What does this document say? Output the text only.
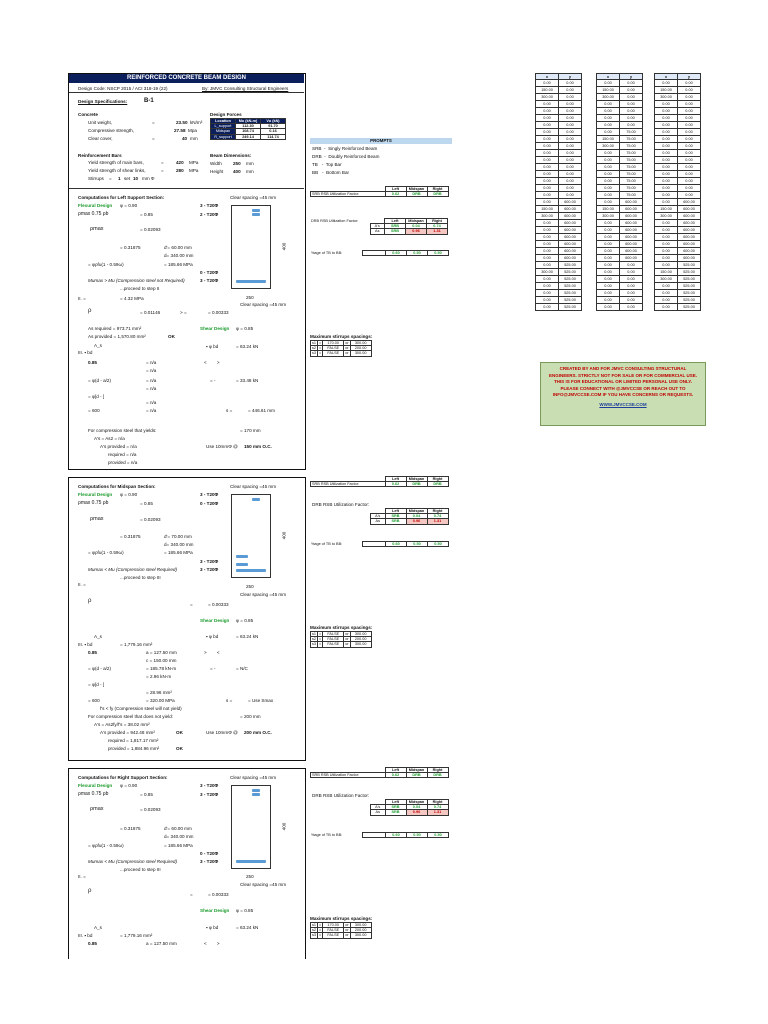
REINFORCED CONCRETE BEAM DESIGN
Design Code: NSCP 2015 / ACI 318-19 (22)	By: JMVC Consulting Structural Engineers
Design Specifications:	B-1
Concrete
Unit weight,	=	23.50 kN/m³
Compressive strength,	27.58 Mpa
Clear cover,	=	40 mm
Design Forces
Location	Mu (kN-m)	Vu (kN)
L_support	112.30	91.70
Midspan	108.74	0.16
R_support	249.14	114.74
Reinforcement Bars
Yield strength of main bars,	=	420 MPa
Yield strength of shear links,	=	280 MPa
Stirrups = 1 set 10 mm Φ
Beam Dimensions:
Width 250 mm
Height 400 mm
Computations for Left Support Section:	Clear spacing =45 mm
Flexural Design φ = 0.90	3 - T20Φ
ρmax 0.75 ρb	= 0.85	2 - T20Φ
ρmax	= 0.02093
= 0.31875	d'= 60.00 mm
d= 340.00 mm
= φρfu(1 - 0.59ω)	= 185.66 MPa
0 - T20Φ
Mumax > Mu (Compression steel not Required)	3 - T20Φ
...proceed to step II
400
250
Clear spacing =45 mm
II. =	= 4.32 MPa
ρ	= 0.01146	> =	= 0.00333
As required = 973.71 mm²
As provided = 1,570.80 mm²	OK
Shear Design φ = 0.85
A_s
III. ▪ bd
▪ φ bd	= 63.24 kN
0.85	= n/a	<        >
= n/a
= φ(d - a/2)	= n/a	= -	= 33.48 kN
= n/a
= φ[d - ]
= n/a
= 600	= n/a	s =	= 446.61 mm
For compression steel that yields:	= 170 mm
A's = As2 = n/a
A's provided = n/a	Use 10mmΦ @ 150 mm O.C.
required = n/a
provided = n/a
PROMPTS
SRB  -  Singly Reinforced Beam
DRB  -  Doubly Reinforced Beam
TB   -  Top Bar
BB   -  Bottom Bar
	Left	Midspan	Right
SRB RSB Utilization Factor:	0.62	DRB	DRB
DRB RSB Utilization Factor:		Left	Midspan	Right
	A's	SRB	0.04	0.74
	As	SRB	0.96	1.31
%age of TB to BB:		0.60	0.50	0.50
Maximum stirrups spacings:
s1	=	170.00	or	300.00
s2	=	FALSE	or	200.00
s3	=	FALSE	or	300.00
x	y
0.00	0.00
150.00	0.00
300.00	0.00
0.00	0.00
0.00	0.00
0.00	0.00
0.00	0.00
0.00	0.00
0.00	0.00
0.00	0.00
0.00	0.00
0.00	0.00
0.00	0.00
0.00	0.00
0.00	0.00
0.00	0.00
0.00	0.00
0.00	600.00
150.00	600.00
300.00	600.00
0.00	600.00
0.00	600.00
0.00	600.00
0.00	600.00
0.00	600.00
0.00	600.00
0.00	525.00
300.00	525.00
0.00	525.00
0.00	525.00
0.00	525.00
0.00	525.00
0.00	525.00
x	y
0.00	0.00
150.00	0.00
300.00	0.00
0.00	0.00
0.00	0.00
0.00	0.00
0.00	0.00
0.00	75.00
150.00	75.00
300.00	75.00
0.00	75.00
0.00	75.00
0.00	75.00
0.00	75.00
0.00	75.00
0.00	75.00
0.00	75.00
0.00	600.00
150.00	600.00
300.00	600.00
0.00	600.00
0.00	600.00
0.00	600.00
0.00	600.00
0.00	600.00
0.00	600.00
0.00	0.00
0.00	0.00
0.00	0.00
0.00	0.00
0.00	0.00
0.00	0.00
0.00	0.00
x	y
0.00	0.00
150.00	0.00
300.00	0.00
0.00	0.00
0.00	0.00
0.00	0.00
0.00	0.00
0.00	0.00
0.00	0.00
0.00	0.00
0.00	0.00
0.00	0.00
0.00	0.00
0.00	0.00
0.00	0.00
0.00	0.00
0.00	0.00
0.00	600.00
150.00	600.00
300.00	600.00
0.00	600.00
0.00	600.00
0.00	600.00
0.00	600.00
0.00	600.00
0.00	600.00
0.00	525.00
150.00	525.00
300.00	525.00
0.00	525.00
0.00	525.00
0.00	525.00
0.00	525.00
CREATED BY AND FOR JMVC CONSULTING STRUCTURAL ENGINEERS. STRICTLY NOT FOR SALE OR FOR COMMERCIAL USE. THIS IS FOR EDUCATIONAL OR LIMITED PERSONAL USE ONLY. PLEASE CONNECT WITH @JMVCCSE OR REACH OUT TO INFO@JMVCCSE.COM IF YOU HAVE CONCERNS OR REQUESTS.
WWW.JMVCCSE.COM
Computations for Midspan Section:	Clear spacing =45 mm
Flexural Design φ = 0.90	3 - T20Φ
ρmax 0.75 ρb	= 0.85	0 - T20Φ
ρmax	= 0.02093
= 0.31875	d'= 70.00 mm
d= 340.00 mm
= φρfu(1 - 0.59ω)	= 185.66 MPa
3 - T20Φ
Mumax < Mu (Compression steel Required)	3 - T20Φ
...proceed to step III
400
250
Clear spacing =45 mm
II. =
ρ
=	= 0.00333
Shear Design φ = 0.85
A_s
III. ▪ bd	= 1,779.16 mm²
▪ φ bd	= 63.24 kN
0.85	a = 127.50 mm	>        <
c = 150.00 mm
= φ(d - a/2)	= 185.78 kN-m	= -	= N/C
= 2.96 kN-m
= φ[d - ]
= 28.96 mm²
= 600	= 320.00 MPa	s =	= Use Smax
f's < fy (Compression steel will not yield)
For compression steel that does not yield:	= 200 mm
A's = As2fy/f's = 38.02 mm²
A's provided = 942.48 mm²	OK	Use 10mmΦ @ 200 mm O.C.
required = 1,817.17 mm²
provided = 1,884.96 mm²	OK
	Left	Midspan	Right
SRB RSB Utilization Factor:	0.62	DRB	DRB
DRB RSB Utilization Factor:
	Left	Midspan	Right
A's	SRB	0.04	0.74
As	SRB	0.96	1.31
%age of TB to BB:		0.60	0.50	0.50
Maximum stirrups spacings:
s1	=	FALSE	or	300.00
s2	=	FALSE	or	200.00
s3	=	FALSE	or	300.00
Computations for Right Support Section:	Clear spacing =45 mm
Flexural Design φ = 0.90	3 - T20Φ
ρmax 0.75 ρb	= 0.85	3 - T20Φ
ρmax	= 0.02093
= 0.31875	d'= 60.00 mm
d= 340.00 mm
= φρfu(1 - 0.59ω)	= 185.66 MPa
0 - T20Φ
Mumax < Mu (Compression steel Required)	3 - T20Φ
...proceed to step III
400
250
Clear spacing =45 mm
II. =
ρ
=	= 0.00333
Shear Design φ = 0.85
A_s
III. ▪ bd	= 1,779.16 mm²
▪ φ bd	= 63.24 kN
0.85	a = 127.50 mm	<        >
	Left	Midspan	Right
SRB RSB Utilization Factor:	0.62	DRB	DRB
DRB RSB Utilization Factor:
	Left	Midspan	Right
A's	SRB	0.04	0.74
As	SRB	0.96	1.31
%age of TB to BB:		0.60	0.50	0.50
Maximum stirrups spacings:
s1	=	170.00	or	300.00
s2	=	FALSE	or	200.00
s3	=	FALSE	or	300.00
